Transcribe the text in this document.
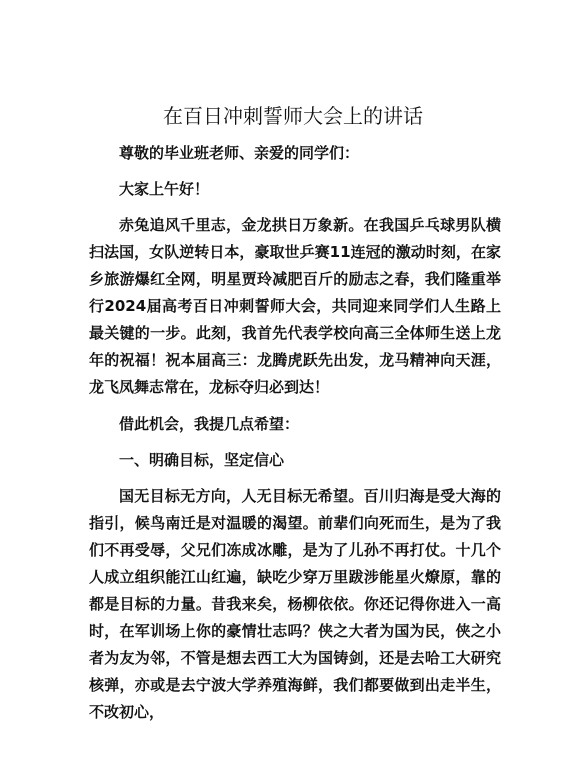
在百日冲刺誓师大会上的讲话

尊敬的毕业班老师、亲爱的同学们：

大家上午好！

赤兔追风千里志，金龙拱日万象新。在我国乒乓球男队横扫法国，女队逆转日本，豪取世乒赛11连冠的激动时刻，在家乡旅游爆红全网，明星贾玲减肥百斤的励志之春，我们隆重举行2024届高考百日冲刺誓师大会，共同迎来同学们人生路上最关键的一步。此刻，我首先代表学校向高三全体师生送上龙年的祝福！祝本届高三：龙腾虎跃先出发，龙马精神向天涯，龙飞凤舞志常在，龙标夺归必到达！

借此机会，我提几点希望：

一、明确目标，坚定信心

国无目标无方向，人无目标无希望。百川归海是受大海的指引，候鸟南迁是对温暖的渴望。前辈们向死而生，是为了我们不再受辱，父兄们冻成冰雕，是为了儿孙不再打仗。十几个人成立组织能江山红遍，缺吃少穿万里跋涉能星火燎原，靠的都是目标的力量。昔我来矣，杨柳依依。你还记得你进入一高时，在军训场上你的豪情壮志吗？侠之大者为国为民，侠之小者为友为邻，不管是想去西工大为国铸剑，还是去哈工大研究核弹，亦或是去宁波大学养殖海鲜，我们都要做到出走半生，不改初心，
